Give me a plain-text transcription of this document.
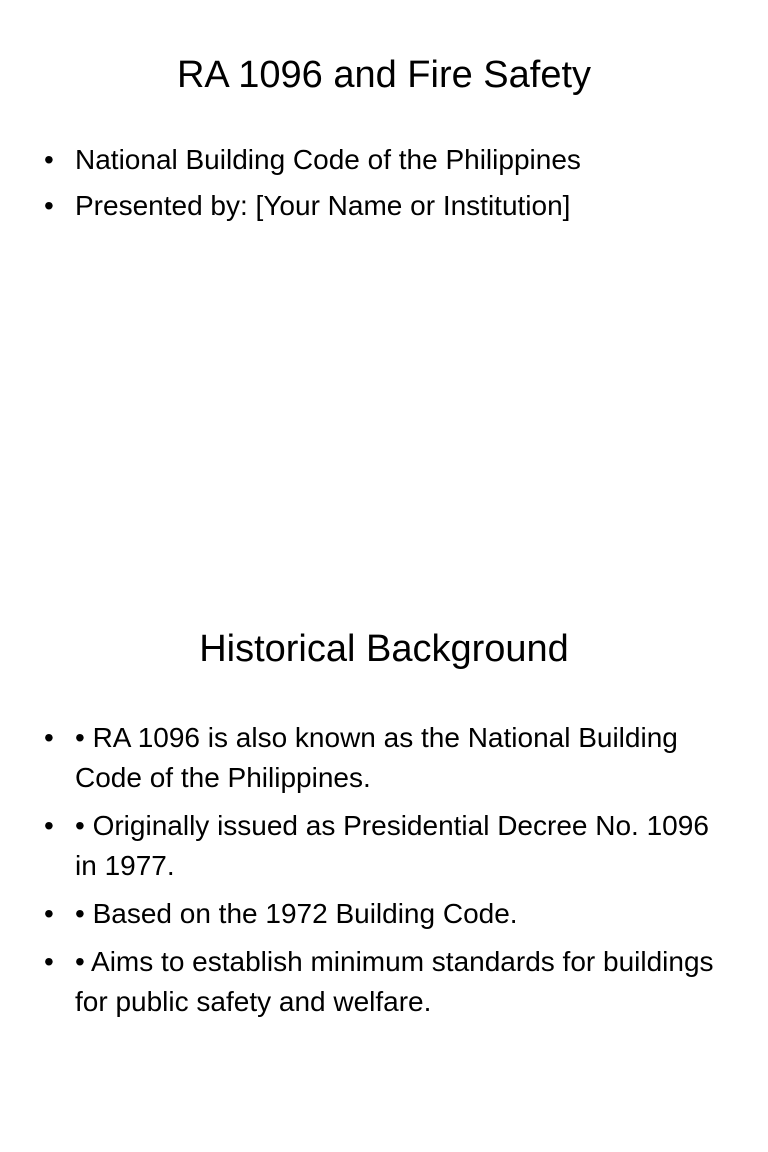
RA 1096 and Fire Safety
• National Building Code of the Philippines
• Presented by: [Your Name or Institution]
Historical Background
• • RA 1096 is also known as the National Building Code of the Philippines.
• • Originally issued as Presidential Decree No. 1096 in 1977.
• • Based on the 1972 Building Code.
• • Aims to establish minimum standards for buildings for public safety and welfare.
